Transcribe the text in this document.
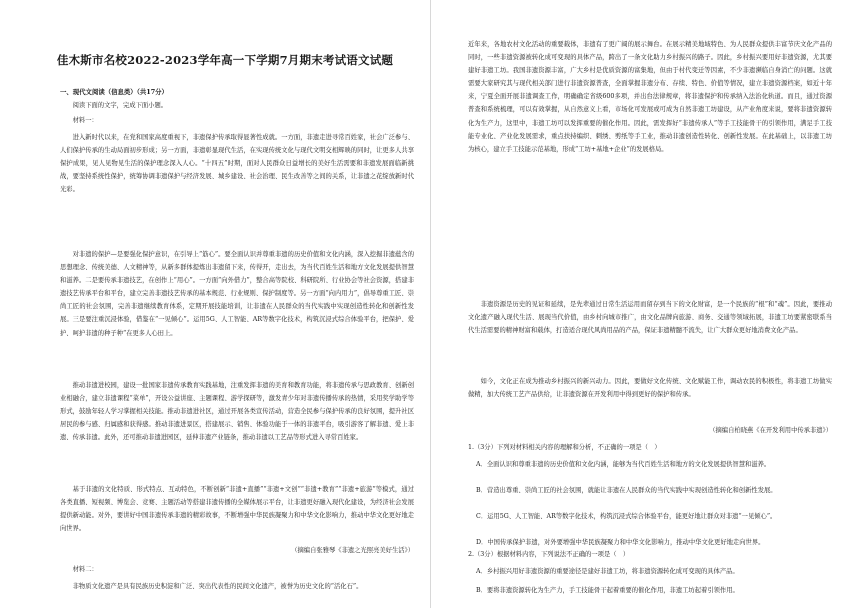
佳木斯市名校2022-2023学年高一下学期7月期末考试语文试题
一、现代文阅读（信息类）（共17分）

阅读下面的文字，完成下面小题。

材料一：

进入新时代以来，在党和国家高度重视下，非遗保护传承取得显著性成就。一方面，非遗走进寻常百姓家，社会广泛参与、人们保护传承的生动局面初步形成；另一方面，非遗彰显现代生活，在实现传统文化与现代文明交相辉映的同时，让更多人共享保护成果，见人见物见生活的保护理念深入人心。“十四五”时期，面对人民群众日益增长的美好生活需要和非遗发展面临新挑战，要坚持系统性保护，统筹协调非遗保护与经济发展、城乡建设、社会治理、民生改善等之间的关系，让非遗之花绽放新时代光彩。

对非遗的保护—是要强化保护意识，在引导上“筋心”。要全面认识并尊重非遗的历史价值和文化内涵，深入挖掘非遗蕴含的思想理念、传统美德、人文精神等，从新多群体提炼出非遗留下来，传得开，走出去，为当代百姓生活和地方文化发展提供智慧和滋养。二是要传承非遗技艺，在创作上“用心”。一方面“向外借力”，整合高等院校、科研院所、行业协会等社会资源，搭建非遗技艺传承平台和平台，建立完善非遗技艺传承的基本规范、行业规则、保护制度等。另一方面“向内用力”，倡导尊重工匠、崇尚工匠的社会氛围，完善非遗继续教育体系，定期开展技能培训，让非遗在人民群众的当代实践中实现创造性转化和创新性发展。三是要注重沉浸体验，借鉴在“一见倾心”。运用5G、人工智能、AR等数字化技术，构筑沉浸式综合体验平台，把保护、爱护、呵护非遗的种子种“在更多人心田上。

推动非遗进校园，建设一批国家非遗传承教育实践基地，注重发挥非遗的美育和教育功能，将非遗传承与思政教育、创新创业相融合，建立非遗课程“菜单”，开设公益讲座、主题课程、游学探研等，激发青少年对非遗传播传承的热情，采用奖学助学等形式，鼓励年轻人学习掌握相关技能。推动非遗进社区，通过开展各类宣传活动，营造全民参与保护传承的良好氛围，提升社区居民的参与感、归属感和获得感。推动非遗进景区，搭建展示、销售、体验功能于一体的非遗平台，吸引游客了解非遗、爱上非遗、传承非遗。此外，还可推动非遗进园区，延伸非遗产业链条，推动非遗以工艺品等形式进入寻常百姓家。

基于非遗的文化特质、形式特点、互动特色，不断创新“非遗+直播”“非遗+文创”“非遗+教育”“非遗+旅游”等模式，通过各类直播、短视频、博览会、竞赛、主题活动等搭建非遗传播的全媒体展示平台，让非遗更好融入现代化建设，为经济社会发展提供新动能。对外，要讲好中国非遗传承非遗的精彩故事，不断增强中华民族凝聚力和中华文化影响力，推动中华文化更好地走向世界。

（摘编自张雅琴《非遗之光照亮美好生活》）

材料二：

非物质文化遗产是具有民族历史积淀和广泛、突出代表性的民间文化遗产，被誉为历史文化的“活化石”。

近年来，各地农村文化活动的重要载体，非遗有了更广阔的展示舞台。在展示精美地域特色、为人民群众提供丰富节庆文化产品的同时，一些非遗资源被转化成可变现的具体产品，跨出了一条文化助力乡村振兴的路子。因此，乡村振兴要用好非遗资源，尤其要建好非遗工坊。我国非遗资源丰富，广大乡村是优质资源的富集地，但由于村代变迁等因素，不少非遗濒临自身消亡的问题。这就需要大家研究其与现代相关部门进行非遗资源普查，全面掌握非遗分布、存续、特色、价值等情况，建立非遗资源档案，如近十年来，宁夏全面开展非遗调查工作，明确确定省级600多项，并出台法律规章，将非遗保护和传承纳入法治化轨道。而且，通过资源普查和系统梳理，可以有效掌握，从自然意义上看，市场化可发展或可成为自然非遗工坊建设，从产业角度来说，要将非遗资源转化为生产力，这里中，非遗工坊可以发挥重要的催化作用。因此，需发挥好“非遗传承人”等手工技能骨干的引领作用，满足手工技能专业化、产业化发展需求，重点扶持编织、刺绣、剪纸等手工业，推动非遗创造性转化、创新性发展。在此基础上，以非遗工坊为核心，建立手工技能示范基地，形成“工坊+基地+企业”的发展格局。

非遗资源是历史的见证和延续，是先辈通过日常生活运用而留存到当下的文化财富，是一个民族的“根”和“魂”。因此，要推动文化遗产融入现代生活、展现当代价值，由乡村向城市推广，由文化品牌向旅游、商务、交通等领域拓展，非遗工坊要紧密联系当代生活需要的精神财富和载体，打造适合现代风尚用品的产品，保证非遗精髓不流失，让广大群众更好地消费文化产品。

如今，文化正在成为推动乡村振兴的新兴动力。因此，要做好文化传统、文化赋能工作，调动农民的积极性，将非遗工坊做实做精，加大传统工艺产品供给，让非遗资源在开发利用中得到更好的保护和传承。

（摘编自柏晓燕《在开发利用中传承非遗》）

1.（3分）下列对材料相关内容的理解和分析，不正确的一项是（　）

A．全面认识和尊重非遗的历史价值和文化内涵，能够为当代百姓生活和地方的文化发展提供智慧和滋养。

B．营造出尊重、崇尚工匠的社会氛围，就能让非遗在人民群众的当代实践中实现创造性转化和创新性发展。

C．运用5G、人工智能、AR等数字化技术，构筑沉浸式综合体验平台，能更好地让群众对非遗“一见倾心”。

D．中国传承保护非遗，对外要增强中华民族凝聚力和中华文化影响力，推动中华文化更好地走向世界。

2.（3分）根据材料内容，下列说法不正确的一项是（　）

A．乡村振兴用好非遗资源的重要途径是建好非遗工坊，将非遗资源转化成可变现的具体产品。

B．要将非遗资源转化为生产力，手工技能骨干起着重要的催化作用，非遗工坊起着引领作用。
